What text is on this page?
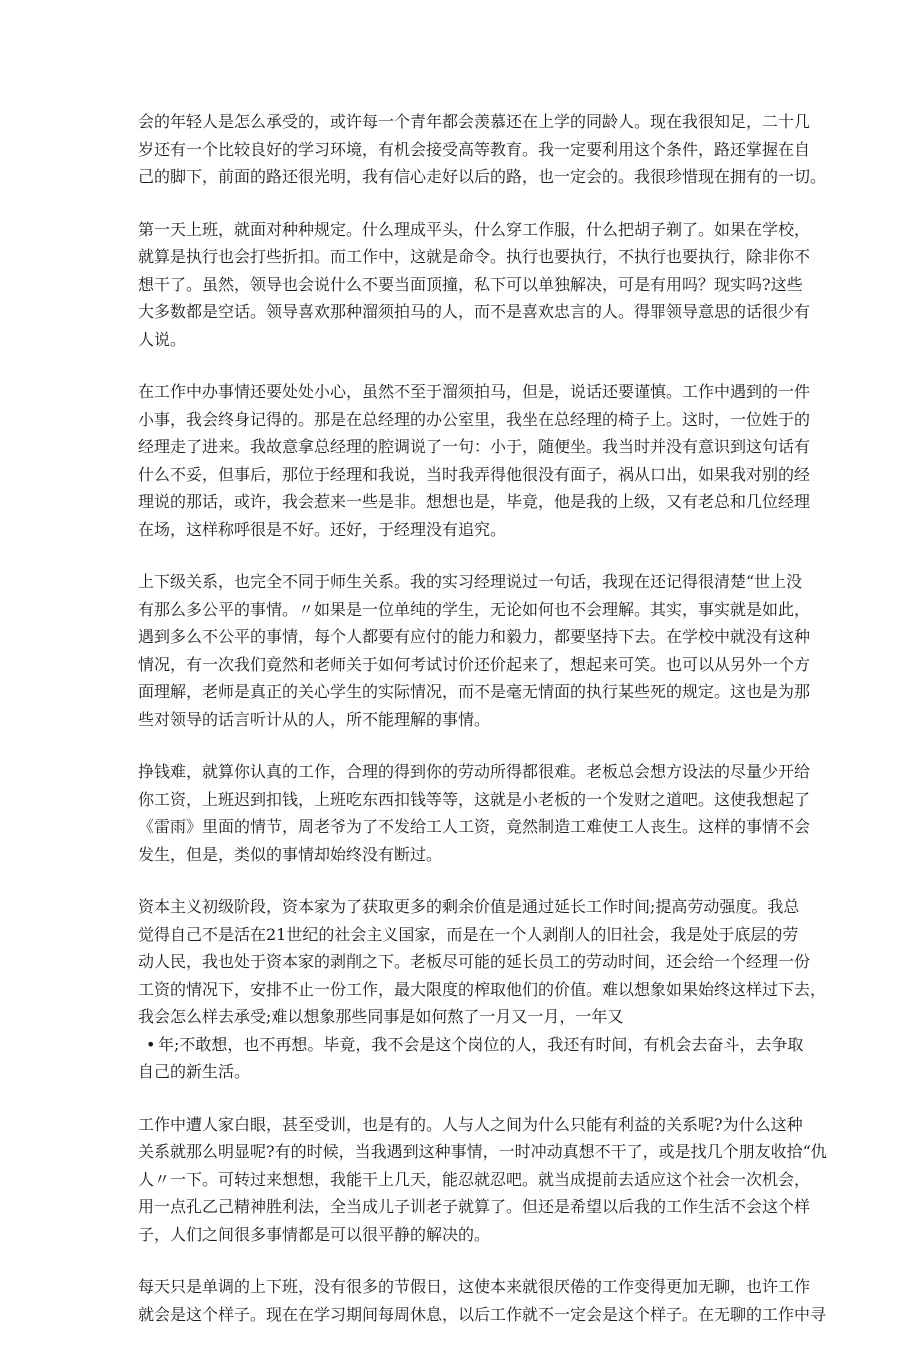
会的年轻人是怎么承受的，或许每一个青年都会羡慕还在上学的同龄人。现在我很知足，二十几
岁还有一个比较良好的学习环境，有机会接受高等教育。我一定要利用这个条件，路还掌握在自
己的脚下，前面的路还很光明，我有信心走好以后的路，也一定会的。我很珍惜现在拥有的一切。

第一天上班，就面对种种规定。什么理成平头，什么穿工作服，什么把胡子剃了。如果在学校，
就算是执行也会打些折扣。而工作中，这就是命令。执行也要执行，不执行也要执行，除非你不
想干了。虽然，领导也会说什么不要当面顶撞，私下可以单独解决，可是有用吗？现实吗?这些
大多数都是空话。领导喜欢那种溜须拍马的人，而不是喜欢忠言的人。得罪领导意思的话很少有
人说。

在工作中办事情还要处处小心，虽然不至于溜须拍马，但是，说话还要谨慎。工作中遇到的一件
小事，我会终身记得的。那是在总经理的办公室里，我坐在总经理的椅子上。这时，一位姓于的
经理走了进来。我故意拿总经理的腔调说了一句：小于，随便坐。我当时并没有意识到这句话有
什么不妥，但事后，那位于经理和我说，当时我弄得他很没有面子，祸从口出，如果我对别的经
理说的那话，或许，我会惹来一些是非。想想也是，毕竟，他是我的上级，又有老总和几位经理
在场，这样称呼很是不好。还好，于经理没有追究。

上下级关系，也完全不同于师生关系。我的实习经理说过一句话，我现在还记得很清楚“世上没
有那么多公平的事情。〃如果是一位单纯的学生，无论如何也不会理解。其实，事实就是如此，
遇到多么不公平的事情，每个人都要有应付的能力和毅力，都要坚持下去。在学校中就没有这种
情况，有一次我们竟然和老师关于如何考试讨价还价起来了，想起来可笑。也可以从另外一个方
面理解，老师是真正的关心学生的实际情况，而不是毫无情面的执行某些死的规定。这也是为那
些对领导的话言听计从的人，所不能理解的事情。

挣钱难，就算你认真的工作，合理的得到你的劳动所得都很难。老板总会想方设法的尽量少开给
你工资，上班迟到扣钱，上班吃东西扣钱等等，这就是小老板的一个发财之道吧。这使我想起了
《雷雨》里面的情节，周老爷为了不发给工人工资，竟然制造工难使工人丧生。这样的事情不会
发生，但是，类似的事情却始终没有断过。

资本主义初级阶段，资本家为了获取更多的剩余价值是通过延长工作时间;提高劳动强度。我总
觉得自己不是活在21世纪的社会主义国家，而是在一个人剥削人的旧社会，我是处于底层的劳
动人民，我也处于资本家的剥削之下。老板尽可能的延长员工的劳动时间，还会给一个经理一份
工资的情况下，安排不止一份工作，最大限度的榨取他们的价值。难以想象如果始终这样过下去，
我会怎么样去承受;难以想象那些同事是如何熬了一月又一月，一年又
• 年;不敢想，也不再想。毕竟，我不会是这个岗位的人，我还有时间，有机会去奋斗，去争取
自己的新生活。

工作中遭人家白眼，甚至受训，也是有的。人与人之间为什么只能有利益的关系呢?为什么这种
关系就那么明显呢?有的时候，当我遇到这种事情，一时冲动真想不干了，或是找几个朋友收拾“仇
人〃一下。可转过来想想，我能干上几天，能忍就忍吧。就当成提前去适应这个社会一次机会，
用一点孔乙己精神胜利法，全当成儿子训老子就算了。但还是希望以后我的工作生活不会这个样
子，人们之间很多事情都是可以很平静的解决的。

每天只是单调的上下班，没有很多的节假日，这使本来就很厌倦的工作变得更加无聊，也许工作
就会是这个样子。现在在学习期间每周休息，以后工作就不一定会是这个样子。在无聊的工作中寻
